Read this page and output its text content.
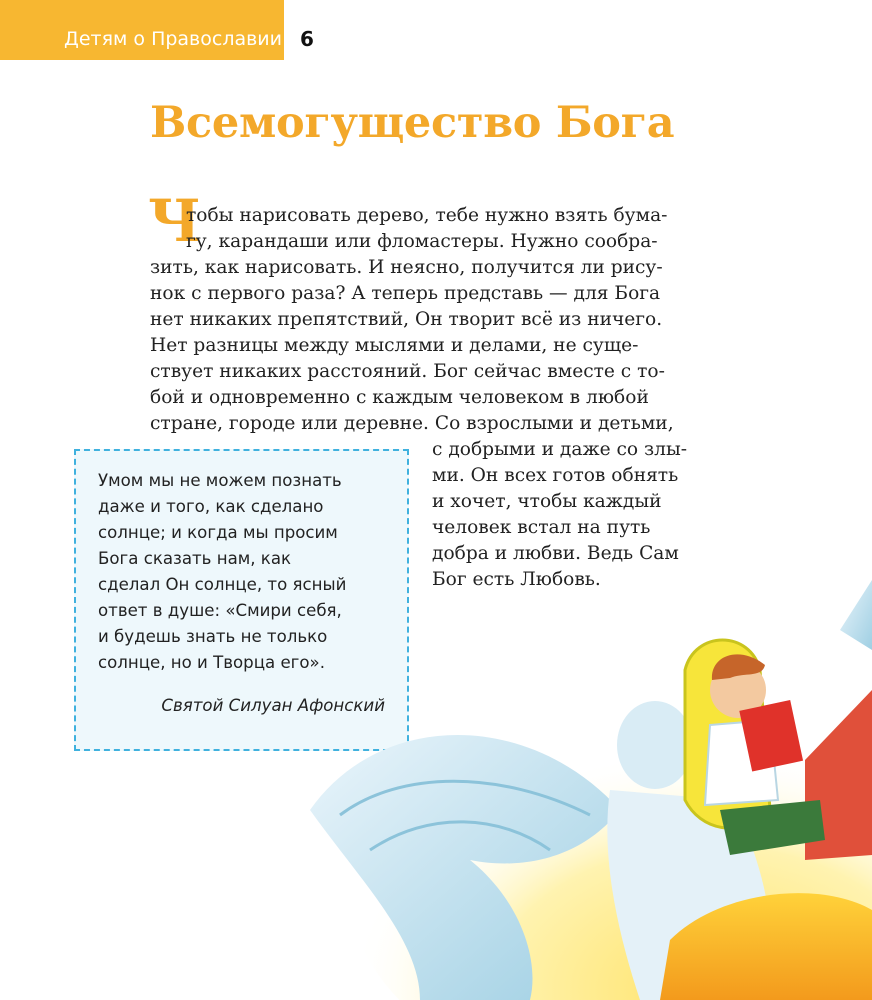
Детям о Православии 6
Всемогущество Бога
Ч
тобы нарисовать дерево, тебе нужно взять бума-
гу, карандаши или фломастеры. Нужно сообра-
зить, как нарисовать. И неясно, получится ли рису-
нок с первого раза? А теперь представь — для Бога
нет никаких препятствий, Он творит всё из ничего.
Нет разницы между мыслями и делами, не суще-
ствует никаких расстояний. Бог сейчас вместе с то-
бой и одновременно с каждым человеком в любой
стране, городе или деревне. Со взрослыми и детьми,
с добрыми и даже со злы-
ми. Он всех готов обнять
и хочет, чтобы каждый
человек встал на путь
добра и любви. Ведь Сам
Бог есть Любовь.
Умом мы не можем познать
даже и того, как сделано
солнце; и когда мы просим
Бога сказать нам, как
сделал Он солнце, то ясный
ответ в душе: «Смири себя,
и будешь знать не только
солнце, но и Творца его».
Святой Силуан Афонский
